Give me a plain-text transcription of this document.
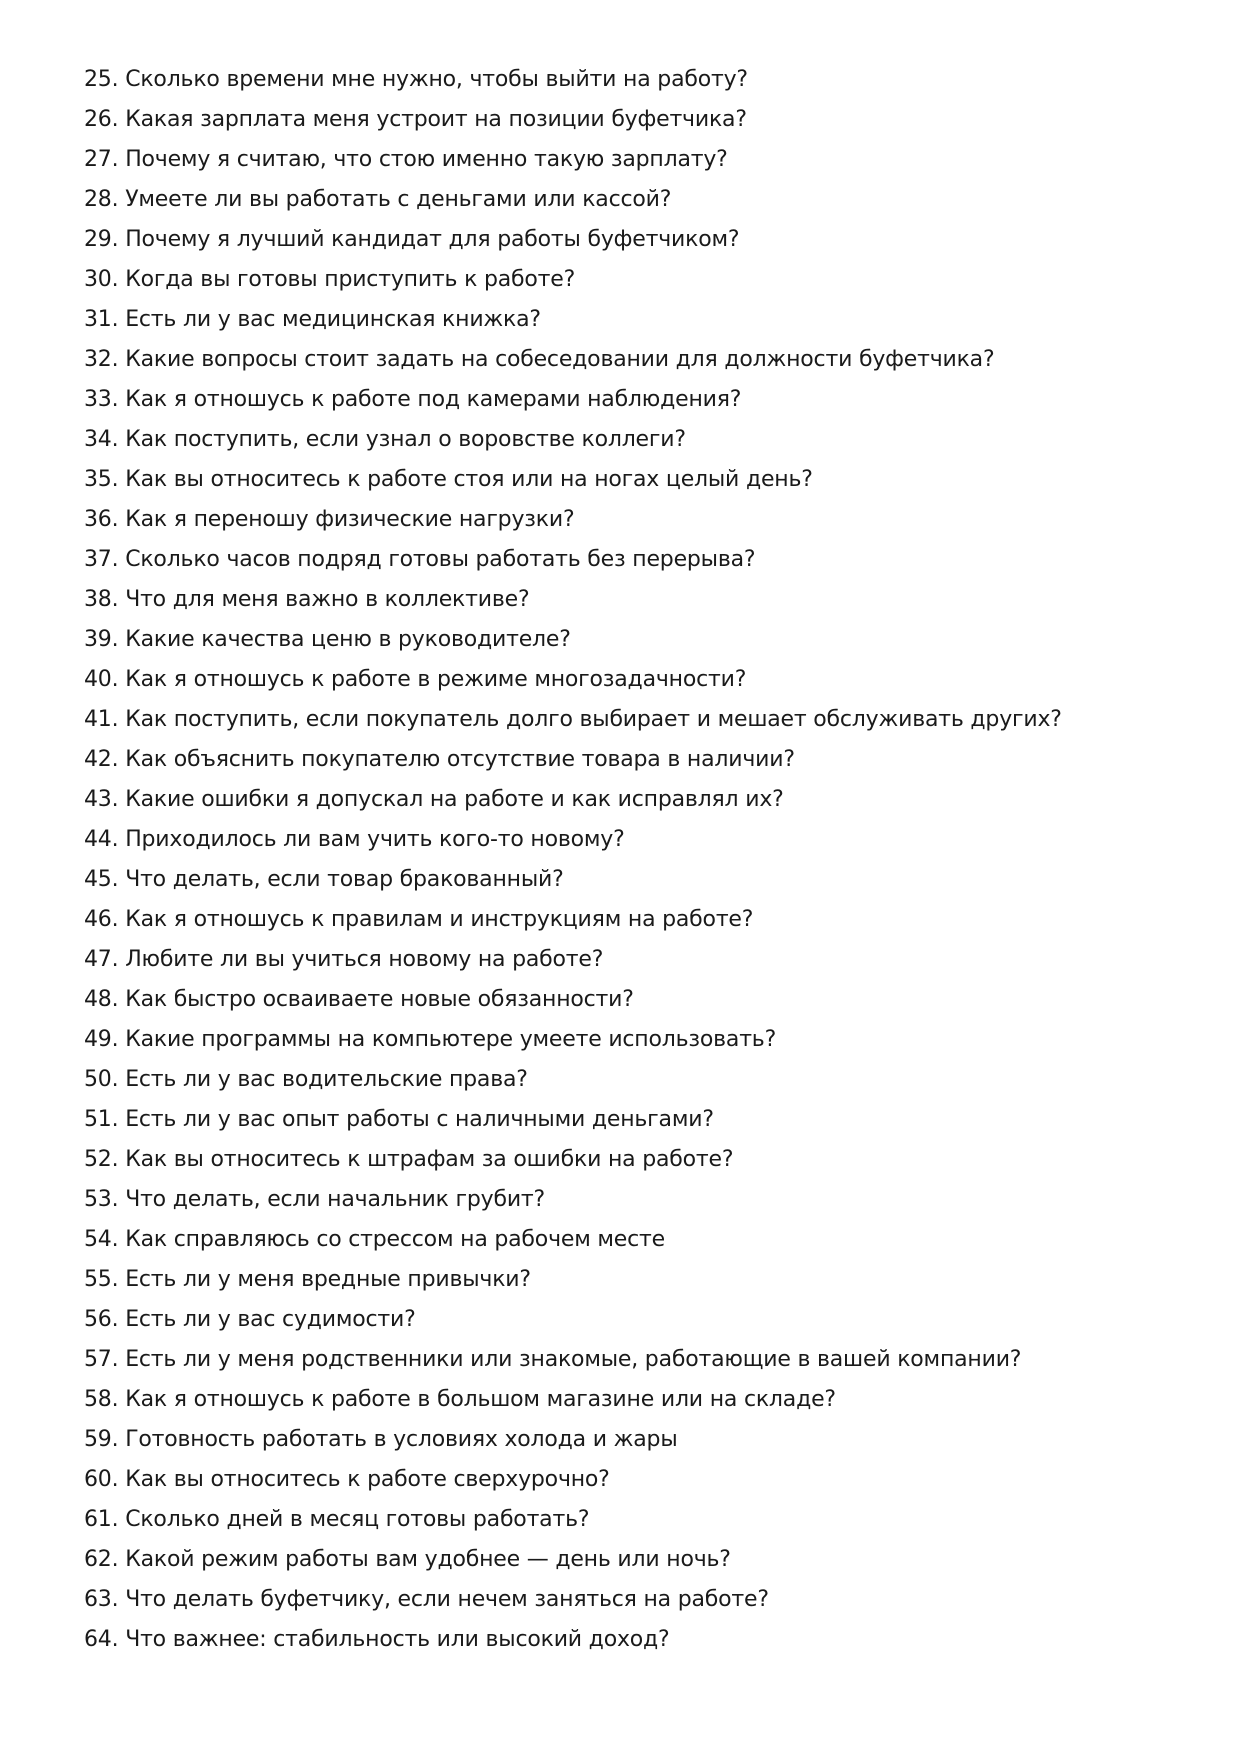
25. Сколько времени мне нужно, чтобы выйти на работу?
26. Какая зарплата меня устроит на позиции буфетчика?
27. Почему я считаю, что стою именно такую зарплату?
28. Умеете ли вы работать с деньгами или кассой?
29. Почему я лучший кандидат для работы буфетчиком?
30. Когда вы готовы приступить к работе?
31. Есть ли у вас медицинская книжка?
32. Какие вопросы стоит задать на собеседовании для должности буфетчика?
33. Как я отношусь к работе под камерами наблюдения?
34. Как поступить, если узнал о воровстве коллеги?
35. Как вы относитесь к работе стоя или на ногах целый день?
36. Как я переношу физические нагрузки?
37. Сколько часов подряд готовы работать без перерыва?
38. Что для меня важно в коллективе?
39. Какие качества ценю в руководителе?
40. Как я отношусь к работе в режиме многозадачности?
41. Как поступить, если покупатель долго выбирает и мешает обслуживать других?
42. Как объяснить покупателю отсутствие товара в наличии?
43. Какие ошибки я допускал на работе и как исправлял их?
44. Приходилось ли вам учить кого-то новому?
45. Что делать, если товар бракованный?
46. Как я отношусь к правилам и инструкциям на работе?
47. Любите ли вы учиться новому на работе?
48. Как быстро осваиваете новые обязанности?
49. Какие программы на компьютере умеете использовать?
50. Есть ли у вас водительские права?
51. Есть ли у вас опыт работы с наличными деньгами?
52. Как вы относитесь к штрафам за ошибки на работе?
53. Что делать, если начальник грубит?
54. Как справляюсь со стрессом на рабочем месте
55. Есть ли у меня вредные привычки?
56. Есть ли у вас судимости?
57. Есть ли у меня родственники или знакомые, работающие в вашей компании?
58. Как я отношусь к работе в большом магазине или на складе?
59. Готовность работать в условиях холода и жары
60. Как вы относитесь к работе сверхурочно?
61. Сколько дней в месяц готовы работать?
62. Какой режим работы вам удобнее — день или ночь?
63. Что делать буфетчику, если нечем заняться на работе?
64. Что важнее: стабильность или высокий доход?
